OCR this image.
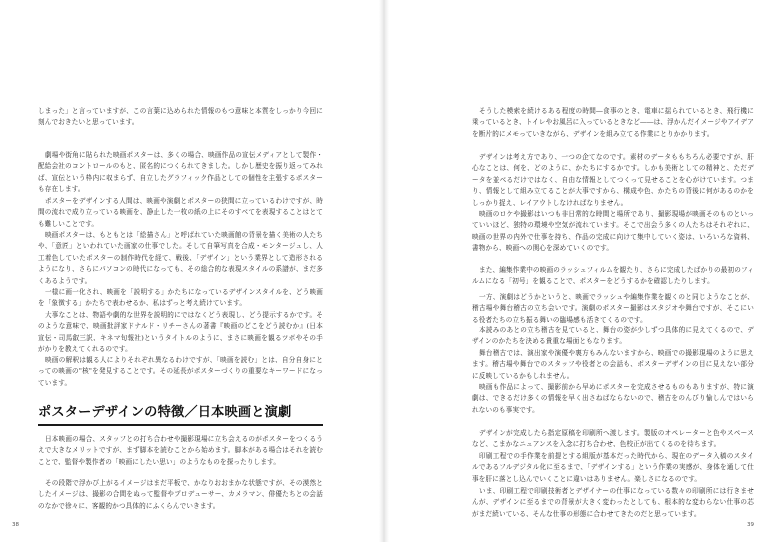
しまった」と言っていますが、この言葉に込められた情報のもつ意味と本質をしっかり今回に刻んでおきたいと思っています。

劇場や街角に貼られた映画ポスターは、多くの場合、映画作品の宣伝メディアとして製作・配給会社のコントロールのもと、匿名的につくられてきました。しかし歴史を振り返ってみれば、宣伝という枠内に収まらず、自立したグラフィック作品としての個性を主張するポスターも存在します。

ポスターをデザインする人間は、映画や演劇とポスターの狭間に立っているわけですが、時間の流れで成り立っている映画を、静止した一枚の紙の上にそのすべてを表現することはとても難しいことです。

映画ポスターは、もともとは「絵描さん」と呼ばれていた映画館の背景を描く美術の人たちや、「意匠」といわれていた画家の仕事でした。そして自筆写真を合成・モンタージュし、人工着色していたポスターの制作時代を経て、戦後、「デザイン」という業界として造形されるようになり、さらにパソコンの時代になっても、その総合的な表現スタイルの系譜が、まだ多くあるようです。

一様に画一化され、映画を「説明する」かたちになっているデザインスタイルを、どう映画を「象徴する」かたちで表わせるか、私はずっと考え続けています。

大事なことは、物語や劇的な世界を説明的にではなくどう表現し、どう提示するかです。そのような意味で、映画批評家ドナルド・リチーさんの著書『映画のどこをどう読むか』(日本宣伝・司馬叡三訳、キネマ旬報社)というタイトルのように、まさに映画を観るツボやその手がかりを教えてくれるのです。

映画の解釈は観る人によりそれぞれ異なるわけですが、「映画を読む」とは、自分自身にとっての映画の"核"を発見することです。その延長がポスターづくりの重要なキーワードになっています。

ポスターデザインの特徴／日本映画と演劇

日本映画の場合、スタッフとの打ち合わせや撮影現場に立ち会えるのがポスターをつくるうえで大きなメリットですが、まず脚本を読むことから始めます。脚本がある場合はそれを読むことで、監督や製作者の「映画にしたい思い」のようなものを探ったりします。

その段階で浮かび上がるイメージはまだ平板で、かなりおおまかな状態ですが、その漠然としたイメージは、撮影の合間をぬって監督やプロデューサー、カメラマン、俳優たちとの会話のなかで徐々に、客観的かつ具体的にふくらんでいきます。

38

そうした模索を続けるある程度の時間―食事のとき、電車に揺られているとき、飛行機に乗っているとき、トイレやお風呂に入っているときなど――は、浮かんだイメージやアイデアを断片的にメモっていきながら、デザインを組み立てる作業にとりかかります。

デザインは考え方であり、一つの企てなのです。素材のデータももちろん必要ですが、肝心なことは、何を、どのように、かたちにするかです。しかも美術としての精神と、ただデータを並べるだけではなく、自由な情報としてつくって見せることを心がけています。つまり、情報として組み立てることが大事ですから、構成や色、かたちの背後に何があるのかをしっかり捉え、レイアウトしなければなりません。

映画のロケや撮影はいつも非日常的な時間と場所であり、撮影現場が映画そのものといっていいほど、独特の環境や空気が流れています。そこで出会う多くの人たちはそれぞれに、映画の世界の内外で仕事を持ち、作品の完成に向けて集中していく姿は、いろいろな資料、書物から、映画への関心を深めていくのです。

また、編集作業中の映画のラッシュフィルムを観たり、さらに完成したばかりの最初のフィルムになる「初号」を観ることで、ポスターをどうするかを確認したりします。

一方、演劇はどうかというと、映画でラッシュや編集作業を観くのと同じようなことが、稽古場や舞台稽古の立ち会いです。演劇のポスター撮影はスタジオや舞台ですが、そこにいる役者たちの立ち振る舞いの臨場感も活きてくるのです。

本読みのあとの立ち稽古を見ていると、舞台の姿が少しずつ具体的に見えてくるので、デザインのかたちを決める貴重な場面ともなります。

舞台稽古では、演出家や演優や裏方もみんないますから、映画での撮影現場のように思えます。稽古場や舞台でのスタッフや役者との会話も、ポスターデザインの目に見えない部分に反映しているかもしれません。

映画も作品によって、撮影前から早めにポスターを完成させるものもありますが、特に演劇は、できるだけ多くの情報を早く出さねばならないので、稽古をのんびり愉しんではいられないのも事実です。

デザインが完成したら指定原稿を印刷所へ渡します。製版のオペレーターと色やスペースなど、こまかなニュアンスを入念に打ち合わせ、色校正が出てくるのを待ちます。

印刷工程での手作業を前提とする組版が基本だった時代から、現在のデータ入稿のスタイルであるフルデジタル化に至るまで、「デザインする」という作業の実感が、身体を通して仕事を肝に落とし込んでいくことに違いはありません。楽しさになるのです。

いま、印刷工程で印刷技術者とデザイナーの仕事になっている数々の印刷所には行きませんが、デザインに至るまでの背景が大きく変わったとしても、根本的な変わらない仕事の芯がまだ続いている、そんな仕事の形態に合わせてきたのだと思っています。

39
